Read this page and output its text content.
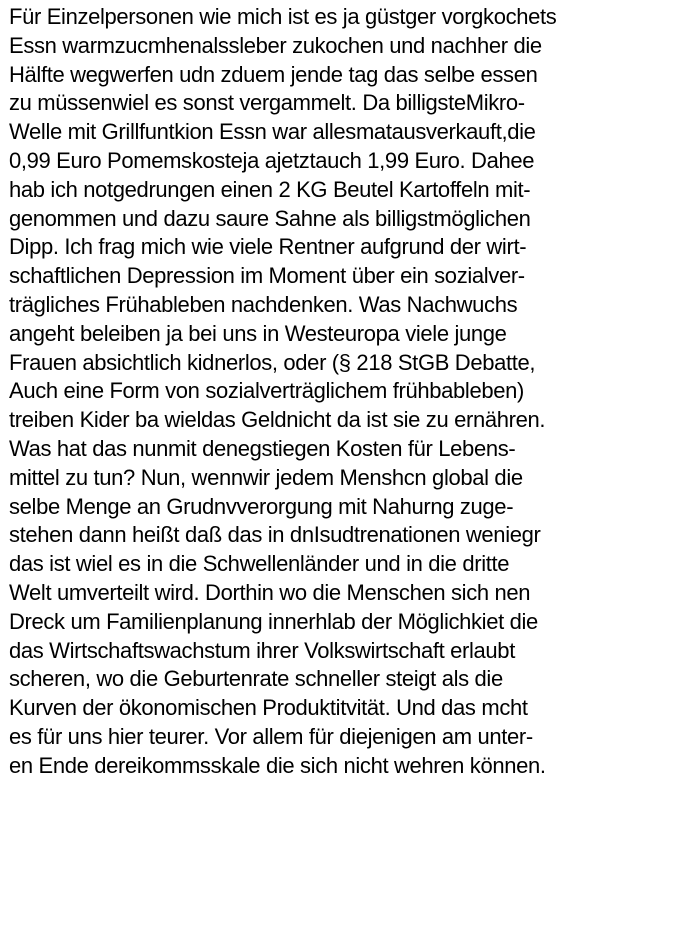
Für Einzelpersonen wie mich ist es ja güstger vorgkochets
Essn warmzucmhenalssleber zukochen und nachher die
Hälfte wegwerfen udn zduem jende tag das selbe essen
zu müssenwiel es sonst vergammelt. Da billigsteMikro-
Welle mit Grillfuntkion Essn war allesmatausverkauft,die
0,99 Euro Pomemskosteja ajetztauch 1,99 Euro. Dahee
hab ich notgedrungen einen 2 KG Beutel Kartoffeln mit-
genommen und dazu saure Sahne als billigstmöglichen
Dipp. Ich frag mich wie viele Rentner aufgrund der wirt-
schaftlichen Depression im Moment über ein sozialver-
trägliches Frühableben nachdenken. Was Nachwuchs
angeht beleiben ja bei uns in Westeuropa viele junge
Frauen absichtlich kidnerlos, oder (§ 218 StGB Debatte,
Auch eine Form von sozialverträglichem frühbableben)
treiben Kider ba wieldas Geldnicht da ist sie zu ernähren.
Was hat das nunmit denegstiegen Kosten für Lebens-
mittel zu tun? Nun, wennwir jedem Menshcn global die
selbe Menge an Grudnvverorgung mit Nahurng zuge-
stehen dann heißt daß das in dnIsudtrenationen weniegr
das ist wiel es in die Schwellenländer und in die dritte
Welt umverteilt wird. Dorthin wo die Menschen sich nen
Dreck um Familienplanung innerhlab der Möglichkiet die
das Wirtschaftswachstum ihrer Volkswirtschaft erlaubt
scheren, wo die Geburtenrate schneller steigt als die
Kurven der ökonomischen Produktitvität. Und das mcht
es für uns hier teurer. Vor allem für diejenigen am unter-
en Ende dereikommsskale die sich nicht wehren können.
